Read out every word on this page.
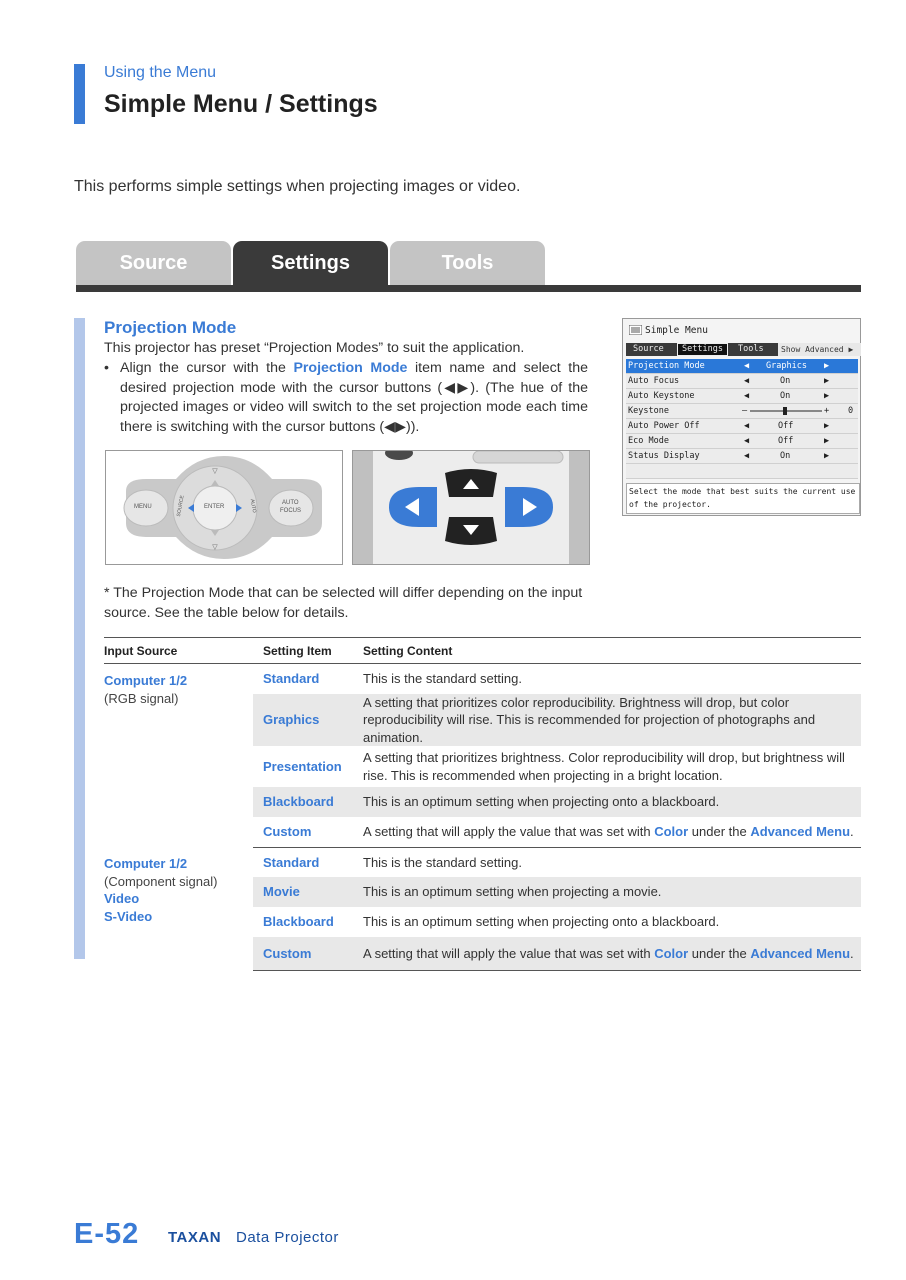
Using the Menu
Simple Menu / Settings
This performs simple settings when projecting images or video.
Source	Settings	Tools
Projection Mode
This projector has preset “Projection Modes” to suit the application.
• Align the cursor with the Projection Mode item name and select the desired projection mode with the cursor buttons (◀▶). (The hue of the projected images or video will switch to the set projection mode each time there is switching with the cursor buttons (◀▶)).
▽
▽
MENU	ENTER
SOURCE	AUTO	AUTO
FOCUS
* The Projection Mode that can be selected will differ depending on the input source. See the table below for details.
Simple Menu
Source	Settings	Tools	Show Advanced ▶
Projection Mode	◀ Graphics ▶
Auto Focus	◀	On	▶
Auto Keystone	◀	On	▶
Keystone	–	+ 0
Auto Power Off	◀	Off	▶
Eco Mode	◀	Off	▶
Status Display	◀	On	▶
Select the mode that best suits the current use of the projector.
Input Source	Setting Item	Setting Content

Computer 1/2
(RGB signal)	Standard	This is the standard setting.
	Graphics	A setting that prioritizes color reproducibility. Brightness will drop, but color reproducibility will rise. This is recommended for projection of photographs and animation.
	Presentation	A setting that prioritizes brightness. Color reproducibility will drop, but brightness will rise. This is recommended when projecting in a bright location.
	Blackboard	This is an optimum setting when projecting onto a blackboard.
	Custom	A setting that will apply the value that was set with Color under the Advanced Menu.

Computer 1/2
(Component signal)
Video
S-Video	Standard	This is the standard setting.
	Movie	This is an optimum setting when projecting a movie.
	Blackboard	This is an optimum setting when projecting onto a blackboard.
	Custom	A setting that will apply the value that was set with Color under the Advanced Menu.
E-52 TAXAN Data Projector
